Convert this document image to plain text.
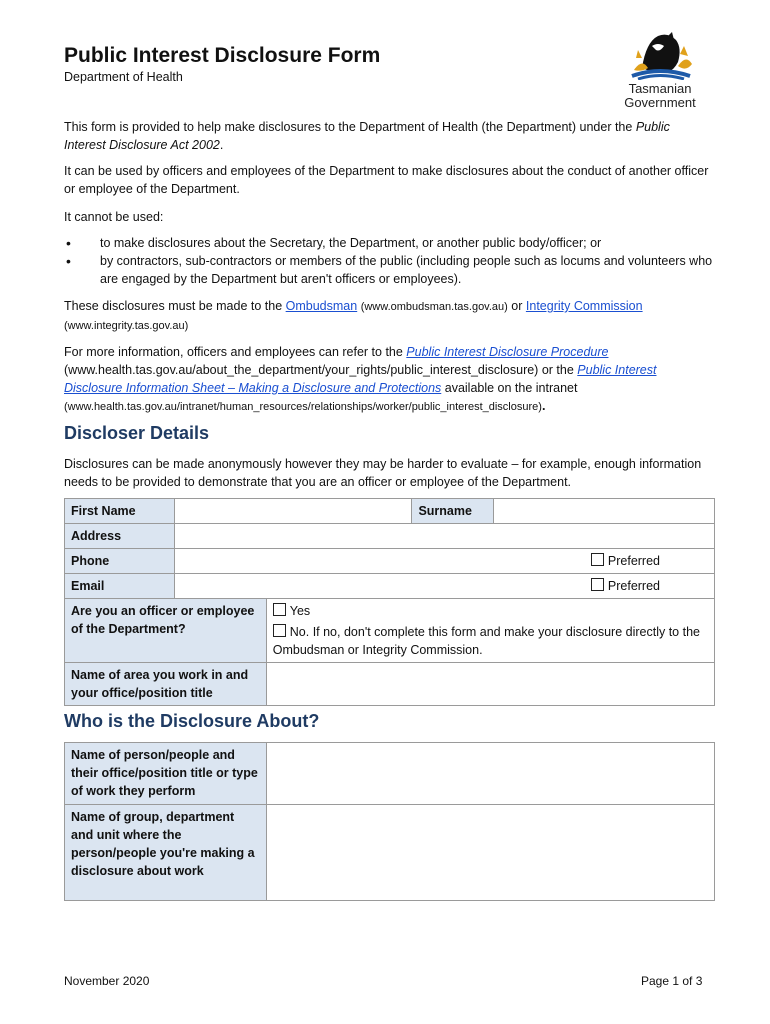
Public Interest Disclosure Form
Department of Health
Tasmanian
Government
This form is provided to help make disclosures to the Department of Health (the Department) under the Public Interest Disclosure Act 2002.
It can be used by officers and employees of the Department to make disclosures about the conduct of another officer or employee of the Department.
It cannot be used:
• to make disclosures about the Secretary, the Department, or another public body/officer; or
• by contractors, sub-contractors or members of the public (including people such as locums and volunteers who are engaged by the Department but aren't officers or employees).
These disclosures must be made to the Ombudsman (www.ombudsman.tas.gov.au) or Integrity Commission
(www.integrity.tas.gov.au)
For more information, officers and employees can refer to the Public Interest Disclosure Procedure
(www.health.tas.gov.au/about_the_department/your_rights/public_interest_disclosure) or the Public Interest Disclosure Information Sheet – Making a Disclosure and Protections available on the intranet
(www.health.tas.gov.au/intranet/human_resources/relationships/worker/public_interest_disclosure).
Discloser Details
Disclosures can be made anonymously however they may be harder to evaluate – for example, enough information needs to be provided to demonstrate that you are an officer or employee of the Department.
First Name			Surname	
Address				
Phone	Preferred			
Email	Preferred			
Are you an officer or employee of the Department?		Yes
No. If no, don't complete this form and make your disclosure directly to the Ombudsman or Integrity Commission.		

Name of area you work in and your office/position title				
Who is the Disclosure About?
Name of person/people and their office/position title or type of work they perform	
Name of group, department and unit where the person/people you're making a disclosure about work	
November 2020	Page 1 of 3
